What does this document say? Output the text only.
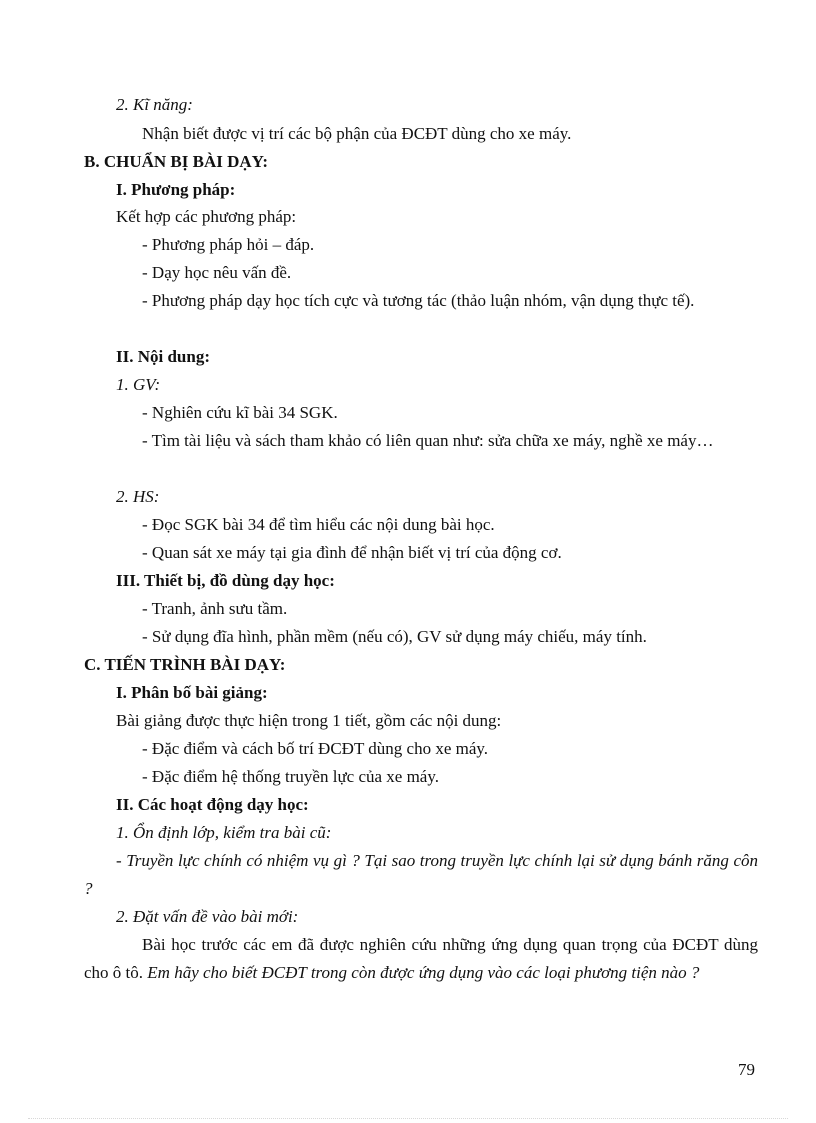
2. Kĩ năng:
Nhận biết được vị trí các bộ phận của ĐCĐT dùng cho xe máy.
B. CHUẨN BỊ BÀI DẠY:
I. Phương pháp:
Kết hợp các phương pháp:
- Phương pháp hỏi – đáp.
- Dạy học nêu vấn đề.
- Phương pháp dạy học tích cực và tương tác (thảo luận nhóm, vận dụng thực tế).
II. Nội dung:
1. GV:
- Nghiên cứu kĩ bài 34 SGK.
- Tìm tài liệu và sách tham khảo có liên quan như: sửa chữa xe máy, nghề xe máy…
2. HS:
- Đọc SGK bài 34 để tìm hiểu các nội dung bài học.
- Quan sát xe máy tại gia đình để nhận biết vị trí của động cơ.
III. Thiết bị, đồ dùng dạy học:
- Tranh, ảnh sưu tầm.
- Sử dụng đĩa hình, phần mềm (nếu có), GV sử dụng máy chiếu, máy tính.
C. TIẾN TRÌNH BÀI DẠY:
I. Phân bố bài giảng:
Bài giảng được thực hiện trong 1 tiết, gồm các nội dung:
- Đặc điểm và cách bố trí ĐCĐT dùng cho xe máy.
- Đặc điểm hệ thống truyền lực của xe máy.
II. Các hoạt động dạy học:
1. Ổn định lớp, kiểm tra bài cũ:
- Truyền lực chính có nhiệm vụ gì ? Tại sao trong truyền lực chính lại sử dụng bánh răng côn ?
2. Đặt vấn đề vào bài mới:
Bài học trước các em đã được nghiên cứu những ứng dụng quan trọng của ĐCĐT dùng cho ô tô. Em hãy cho biết ĐCĐT trong còn được ứng dụng vào các loại phương tiện nào ?
79
